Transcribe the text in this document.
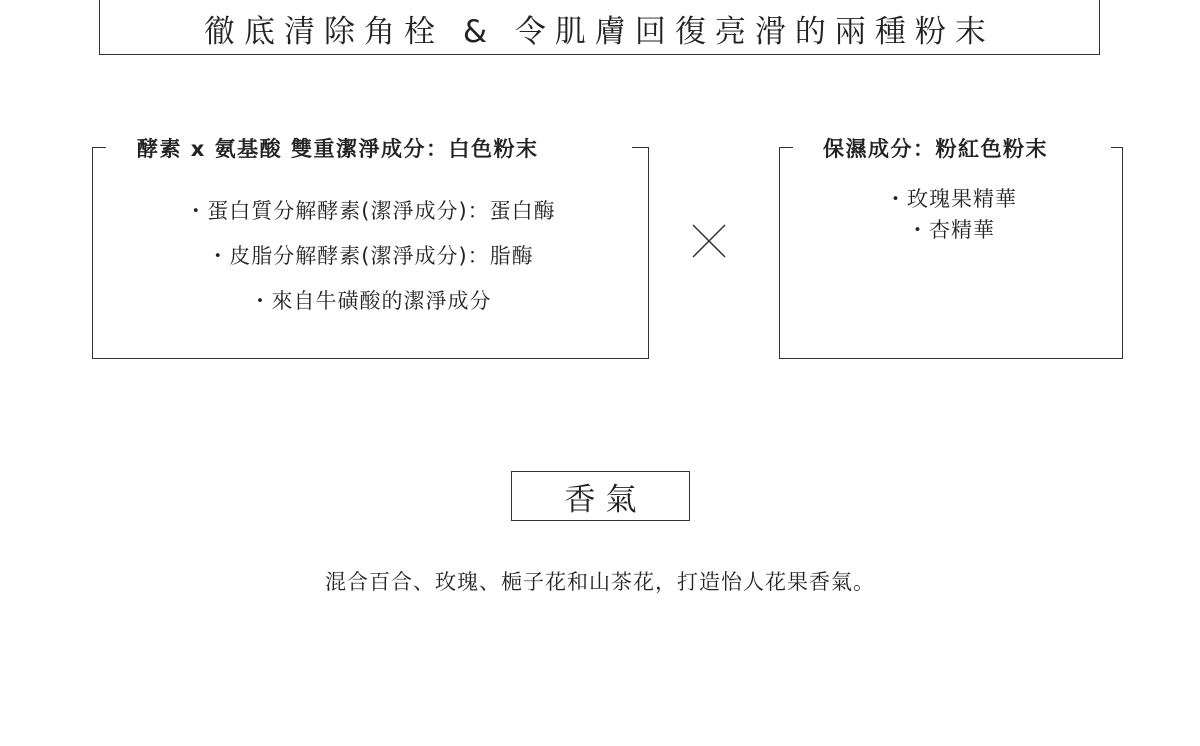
徹底清除角栓 & 令肌膚回復亮滑的兩種粉末
酵素 x 氨基酸 雙重潔淨成分：白色粉末
・蛋白質分解酵素(潔淨成分)：蛋白酶
・皮脂分解酵素(潔淨成分)：脂酶
・來自牛磺酸的潔淨成分
保濕成分：粉紅色粉末
・玫瑰果精華
・杏精華
香氣
混合百合、玫瑰、梔子花和山茶花，打造怡人花果香氣。
